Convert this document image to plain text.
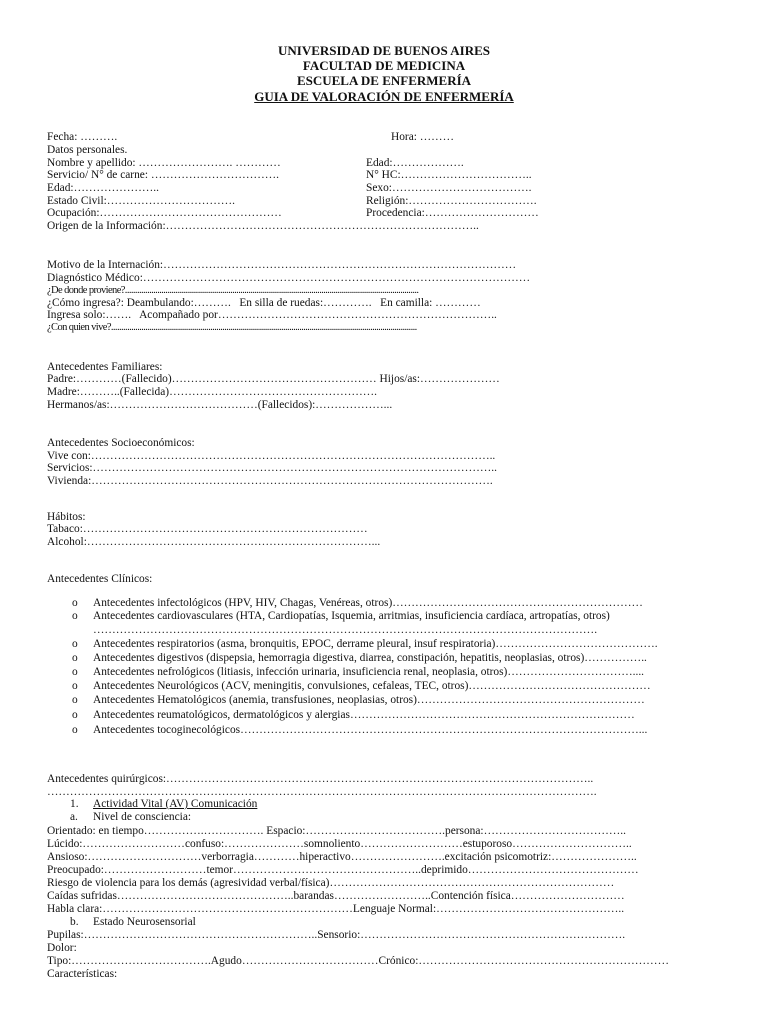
UNIVERSIDAD DE BUENOS AIRES
FACULTAD DE MEDICINA
ESCUELA DE ENFERMERÍA
GUIA DE VALORACIÓN DE ENFERMERÍA
Fecha: ……….	Hora: ………
Datos personales.
Nombre y apellido: ……………………. …………	Edad:……………….
Servicio/ N° de carne: …………………………….	N° HC:……………………………..
Edad:…………………..	Sexo:……………………………….
Estado Civil:…………………………….	Religión:…………………………….
Ocupación:…………………………………………	Procedencia:…………………………
Origen de la Información:………………………………………………………………………..
Motivo de la Internación:…………………………………………………………………………………
Diagnóstico Médico:…………………………………………………………………………………………
¿De donde proviene?.................................................................................................................................................
¿Cómo ingresa?: Deambulando:……….   En silla de ruedas:………….   En camilla: …………
Ingresa solo:…….   Acompañado por………………………………………………………………..
¿Con quien vive?.......................................................................................................................................................
Antecedentes Familiares:
Padre:…………(Fallecido)……………………………………………… Hijos/as:…………………
Madre:………..(Fallecida)……………………………………………….
Hermanos/as:…………………………………(Fallecidos):………………...
Antecedentes Socioeconómicos:
Vive con:……………………………………………………………………………………………..
Servicios:……………………………………………………………………………………………..
Vivienda:…………………………………………………………………………………………….
Hábitos:
Tabaco:…………………………………………………………………
Alcohol:…………………………………………………………………...
Antecedentes Clínicos:
o Antecedentes infectológicos (HPV, HIV, Chagas, Venéreas, otros)…………………………………………………………
o Antecedentes cardiovasculares (HTA, Cardiopatías, Isquemia, arritmias, insuficiencia cardíaca, artropatías, otros)
…………………………………………………………………………………………………………………….
o Antecedentes respiratorios (asma, bronquitis, EPOC, derrame pleural, insuf respiratoria)…………………………………….
o Antecedentes digestivos (dispepsia, hemorragia digestiva, diarrea, constipación, hepatitis, neoplasias, otros)……………..
o Antecedentes nefrológicos (litiasis, infección urinaria, insuficiencia renal, neoplasia, otros)……………………………....
o Antecedentes Neurológicos (ACV, meningitis, convulsiones, cefaleas, TEC, otros)…………………………………………
o Antecedentes Hematológicos (anemia, transfusiones, neoplasias, otros)……………………………………………………
o Antecedentes reumatológicos, dermatológicos y alergias…………………………………………………………………
o Antecedentes tocoginecológicos……………………………………………………………………………………………...
Antecedentes quirúrgicos:…………………………………………………………………………………………………..
……………………………………………………………………………………………………………………………….
1. Actividad Vital (AV) Comunicación
a. Nivel de consciencia:
Orientado: en tiempo…………….……………. Espacio:……………………………….persona:………………………………..
Lúcido:………………………confuso:…………………somnoliento………………………estuporoso…………………………..
Ansioso:…………………………verborragia…………hiperactivo…………………….excitación psicomotriz:…………………..
Preocupado:………………………temor…………………………………………..deprimido………………………………………
Riesgo de violencia para los demás (agresividad verbal/física)…………………………………………………………………
Caídas sufridas………………………………………..barandas……………………..Contención física…………………………
Habla clara:…………………………………………………………Lenguaje Normal:…………………………………………..
b. Estado Neurosensorial
Pupilas:……………………………………………………..Sensorio:…………………………………………………………….
Dolor:
Tipo:……………………………….Agudo………………………………Crónico:…………………………………………………………
Características:
